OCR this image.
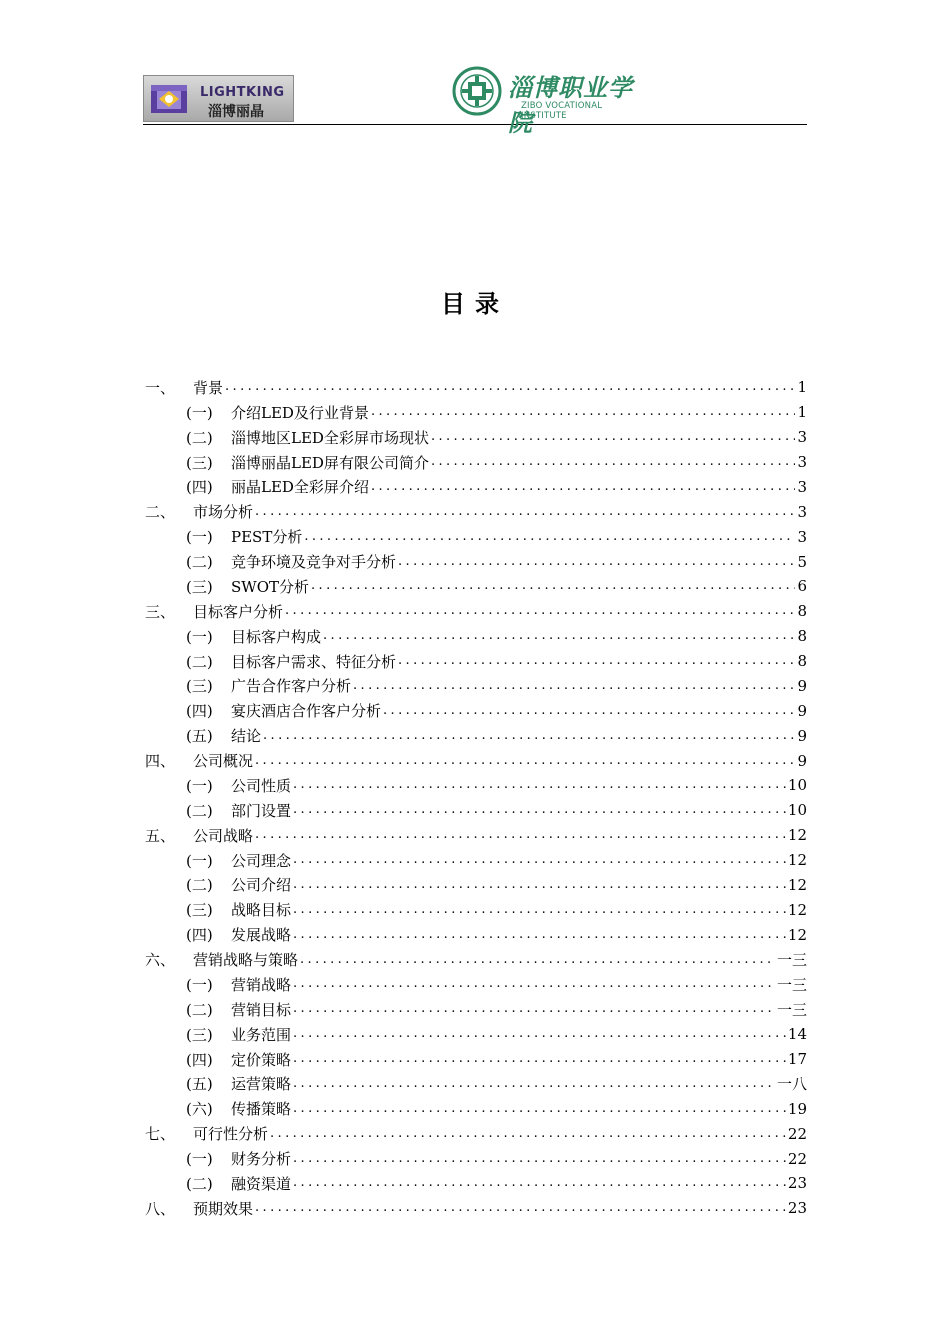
LIGHTKING
淄博丽晶
淄博职业学院
ZIBO VOCATIONAL INSTITUTE
目录
一、	背景 .....	1
(一)	介绍LED及行业背景 .....	1
(二)	淄博地区LED全彩屏市场现状 .....	3
(三)	淄博丽晶LED屏有限公司简介 .....	3
(四)	丽晶LED全彩屏介绍 .....	3
二、	市场分析 .....	3
(一)	PEST分析 .....	3
(二)	竞争环境及竞争对手分析 .....	5
(三)	SWOT分析 .....	6
三、	目标客户分析 .....	8
(一)	目标客户构成 .....	8
(二)	目标客户需求、特征分析 .....	8
(三)	广告合作客户分析 .....	9
(四)	宴庆酒店合作客户分析 .....	9
(五)	结论 .....	9
四、	公司概况 .....	9
(一)	公司性质 .....	10
(二)	部门设置 .....	10
五、	公司战略 .....	12
(一)	公司理念 .....	12
(二)	公司介绍 .....	12
(三)	战略目标 .....	12
(四)	发展战略 .....	12
六、	营销战略与策略 .....	一三
(一)	营销战略 .....	一三
(二)	营销目标 .....	一三
(三)	业务范围 .....	14
(四)	定价策略 .....	17
(五)	运营策略 .....	一八
(六)	传播策略 .....	19
七、	可行性分析 .....	22
(一)	财务分析 .....	22
(二)	融资渠道 .....	23
八、	预期效果 .....	23
